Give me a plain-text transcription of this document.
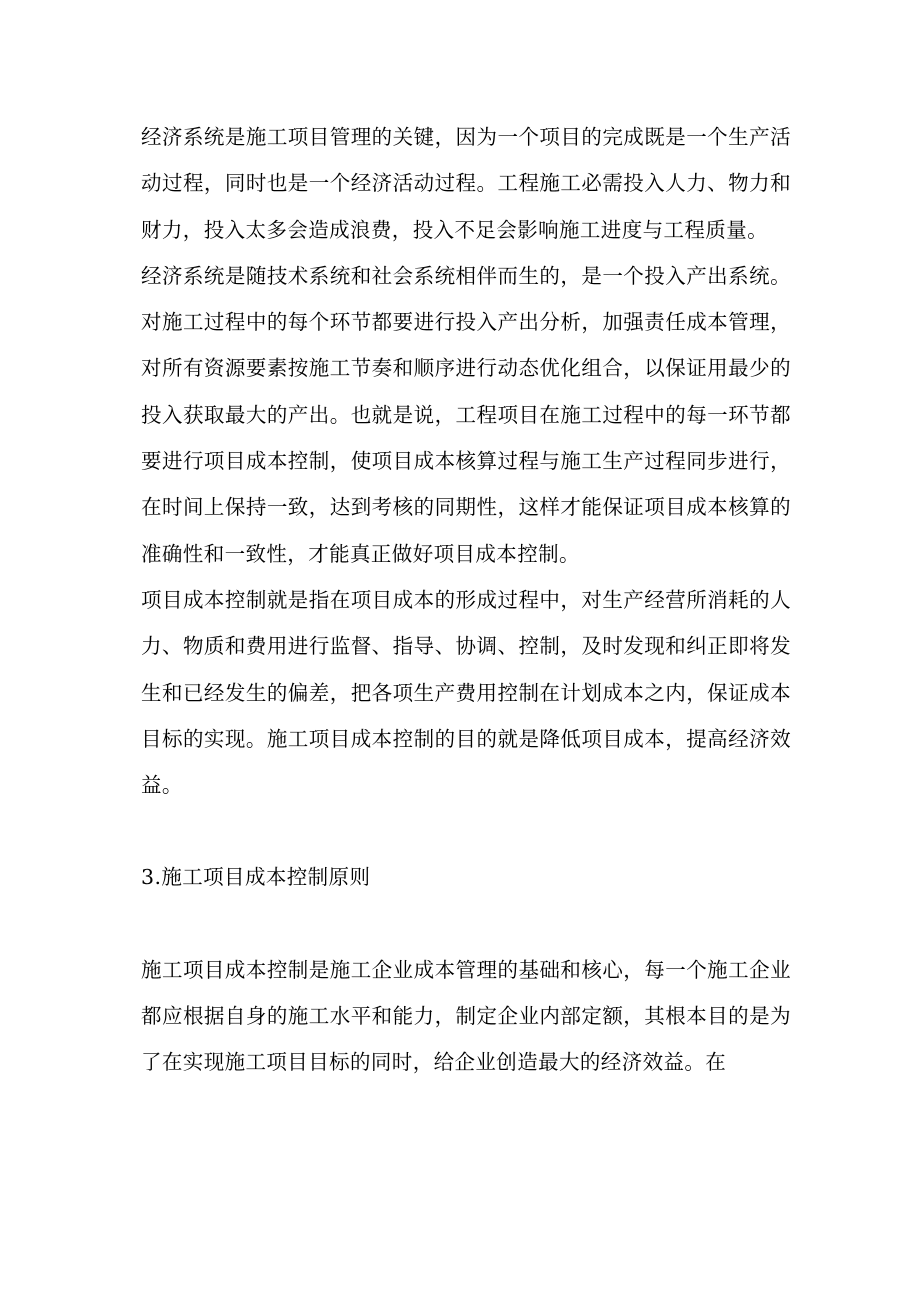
经济系统是施工项目管理的关键，因为一个项目的完成既是一个生产活动过程，同时也是一个经济活动过程。工程施工必需投入人力、物力和财力，投入太多会造成浪费，投入不足会影响施工进度与工程质量。

经济系统是随技术系统和社会系统相伴而生的，是一个投入产出系统。对施工过程中的每个环节都要进行投入产出分析，加强责任成本管理，对所有资源要素按施工节奏和顺序进行动态优化组合，以保证用最少的投入获取最大的产出。也就是说，工程项目在施工过程中的每一环节都要进行项目成本控制，使项目成本核算过程与施工生产过程同步进行，在时间上保持一致，达到考核的同期性，这样才能保证项目成本核算的准确性和一致性，才能真正做好项目成本控制。

项目成本控制就是指在项目成本的形成过程中，对生产经营所消耗的人力、物质和费用进行监督、指导、协调、控制，及时发现和纠正即将发生和已经发生的偏差，把各项生产费用控制在计划成本之内，保证成本目标的实现。施工项目成本控制的目的就是降低项目成本，提高经济效益。

3.施工项目成本控制原则

施工项目成本控制是施工企业成本管理的基础和核心，每一个施工企业都应根据自身的施工水平和能力，制定企业内部定额，其根本目的是为了在实现施工项目目标的同时，给企业创造最大的经济效益。在
